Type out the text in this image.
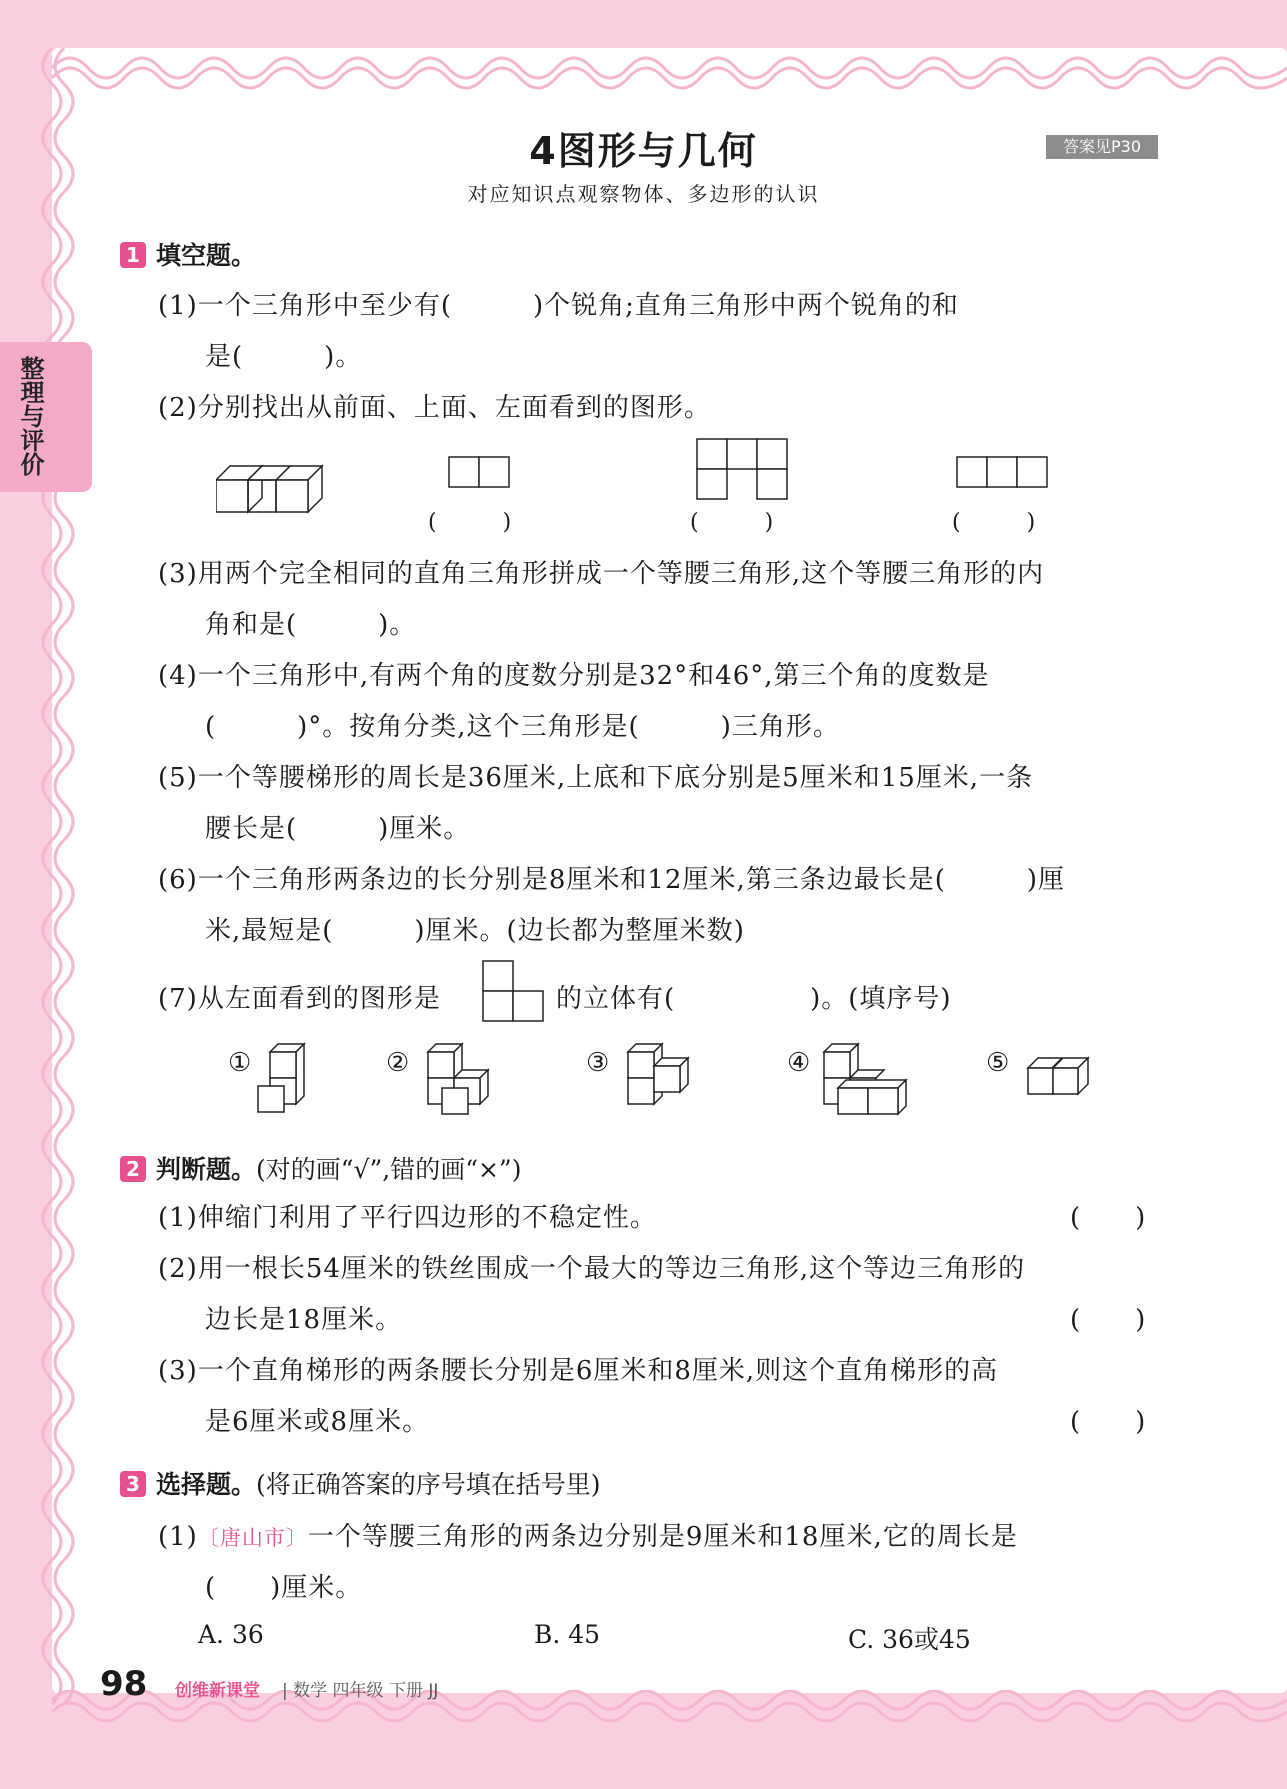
整理与评价
4图形与几何	答案见P30
对应知识点观察物体、多边形的认识
1 填空题。
(1)一个三角形中至少有(　　　)个锐角;直角三角形中两个锐角的和
是(　　　)。
(2)分别找出从前面、上面、左面看到的图形。
(　　　)	(　　　)	(　　　)
(3)用两个完全相同的直角三角形拼成一个等腰三角形,这个等腰三角形的内
角和是(　　　)。
(4)一个三角形中,有两个角的度数分别是32°和46°,第三个角的度数是
(　　　)°。按角分类,这个三角形是(　　　)三角形。
(5)一个等腰梯形的周长是36厘米,上底和下底分别是5厘米和15厘米,一条
腰长是(　　　)厘米。
(6)一个三角形两条边的长分别是8厘米和12厘米,第三条边最长是(　　　)厘
米,最短是(　　　)厘米。(边长都为整厘米数)
(7)从左面看到的图形是	的立体有(　　　　　)。(填序号)
①	②	③	④	⑤
2 判断题。(对的画“√”,错的画“×”)
(1)伸缩门利用了平行四边形的不稳定性。	(　　)
(2)用一根长54厘米的铁丝围成一个最大的等边三角形,这个等边三角形的
边长是18厘米。	(　　)
(3)一个直角梯形的两条腰长分别是6厘米和8厘米,则这个直角梯形的高
是6厘米或8厘米。	(　　)
3 选择题。(将正确答案的序号填在括号里)
(1)〔唐山市〕一个等腰三角形的两条边分别是9厘米和18厘米,它的周长是
(　　)厘米。
A. 36	B. 45	C. 36或45
98 创维新课堂 | 数学 四年级 下册 JJ
